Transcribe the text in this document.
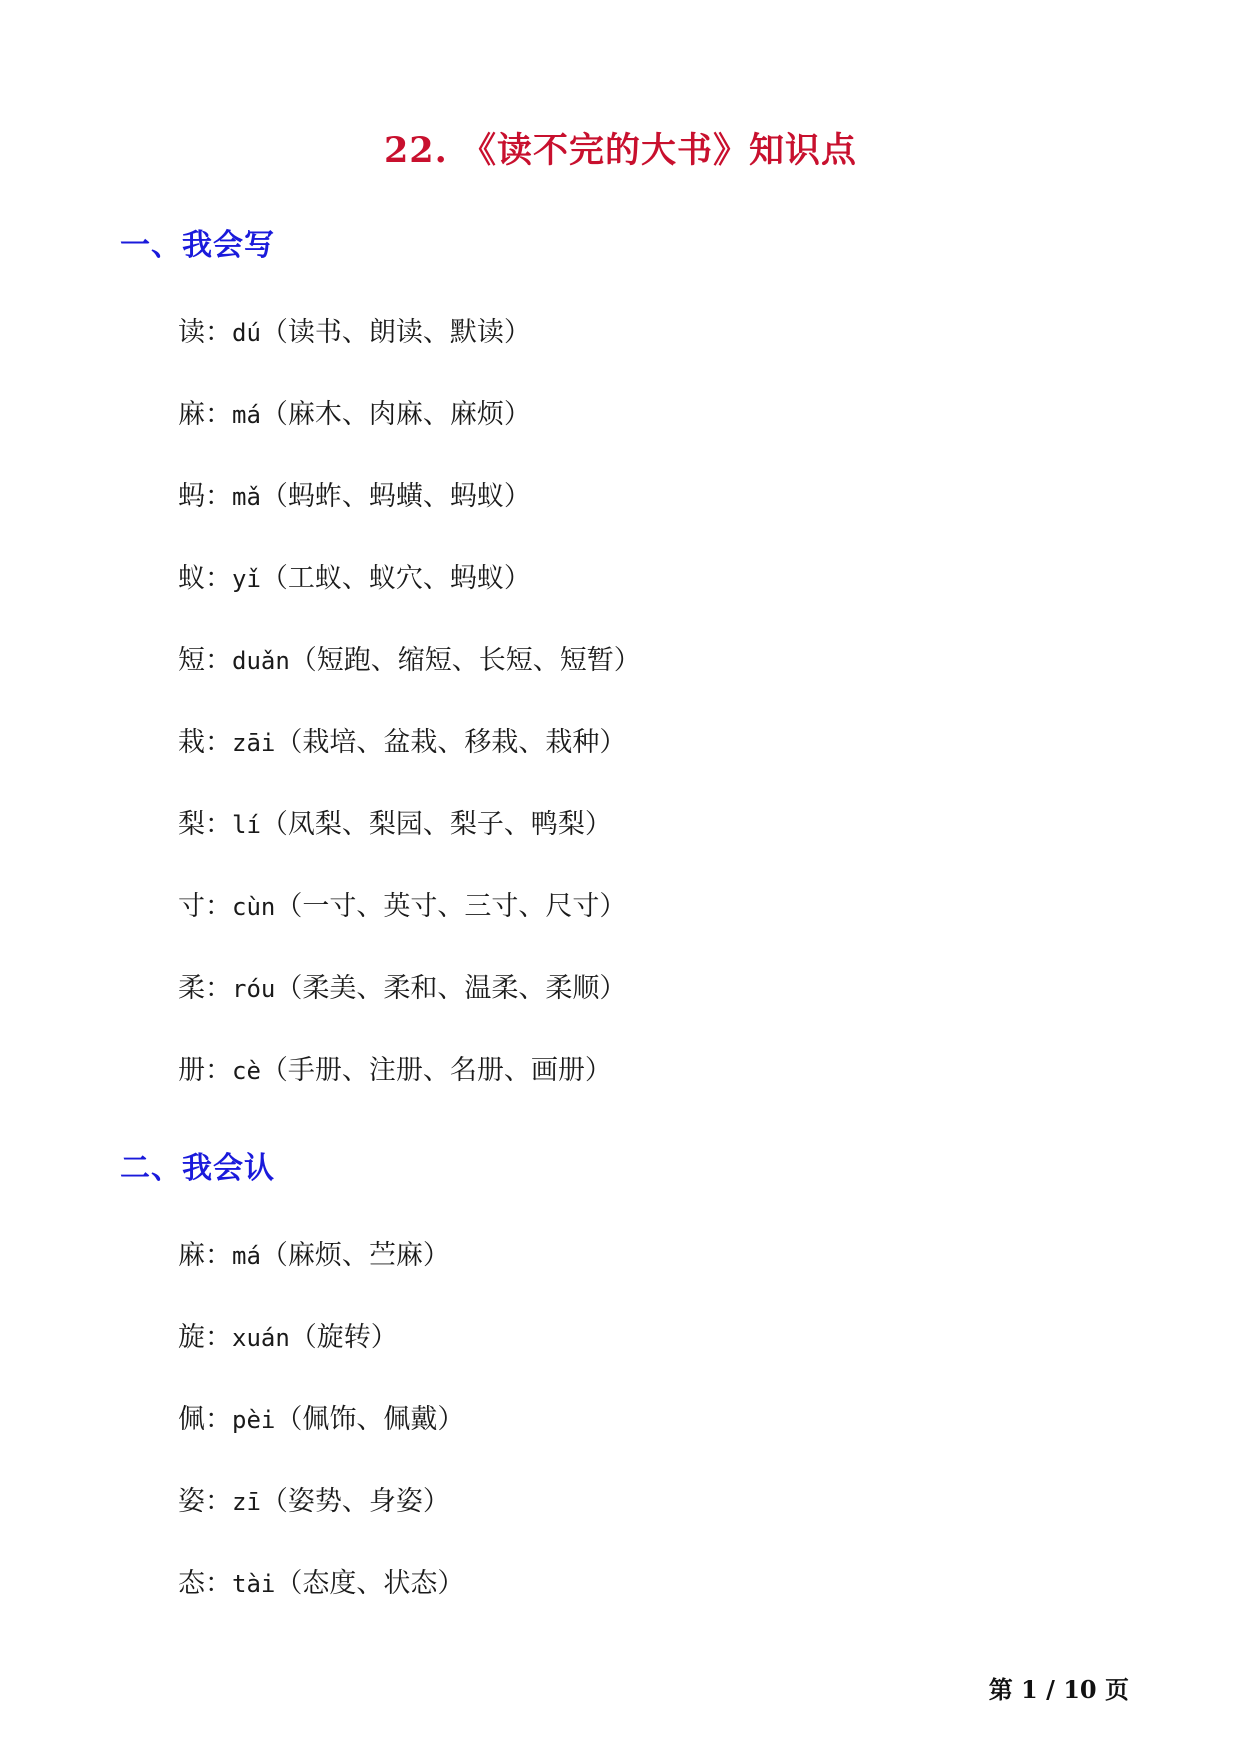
22. 《读不完的大书》知识点
一、我会写
读：dú（读书、朗读、默读）
麻：má（麻木、肉麻、麻烦）
蚂：mǎ（蚂蚱、蚂蟥、蚂蚁）
蚁：yǐ（工蚁、蚁穴、蚂蚁）
短：duǎn（短跑、缩短、长短、短暂）
栽：zāi（栽培、盆栽、移栽、栽种）
梨：lí（凤梨、梨园、梨子、鸭梨）
寸：cùn（一寸、英寸、三寸、尺寸）
柔：róu（柔美、柔和、温柔、柔顺）
册：cè（手册、注册、名册、画册）
二、我会认
麻：má（麻烦、苎麻）
旋：xuán（旋转）
佩：pèi（佩饰、佩戴）
姿：zī（姿势、身姿）
态：tài（态度、状态）
第 1 / 10 页
